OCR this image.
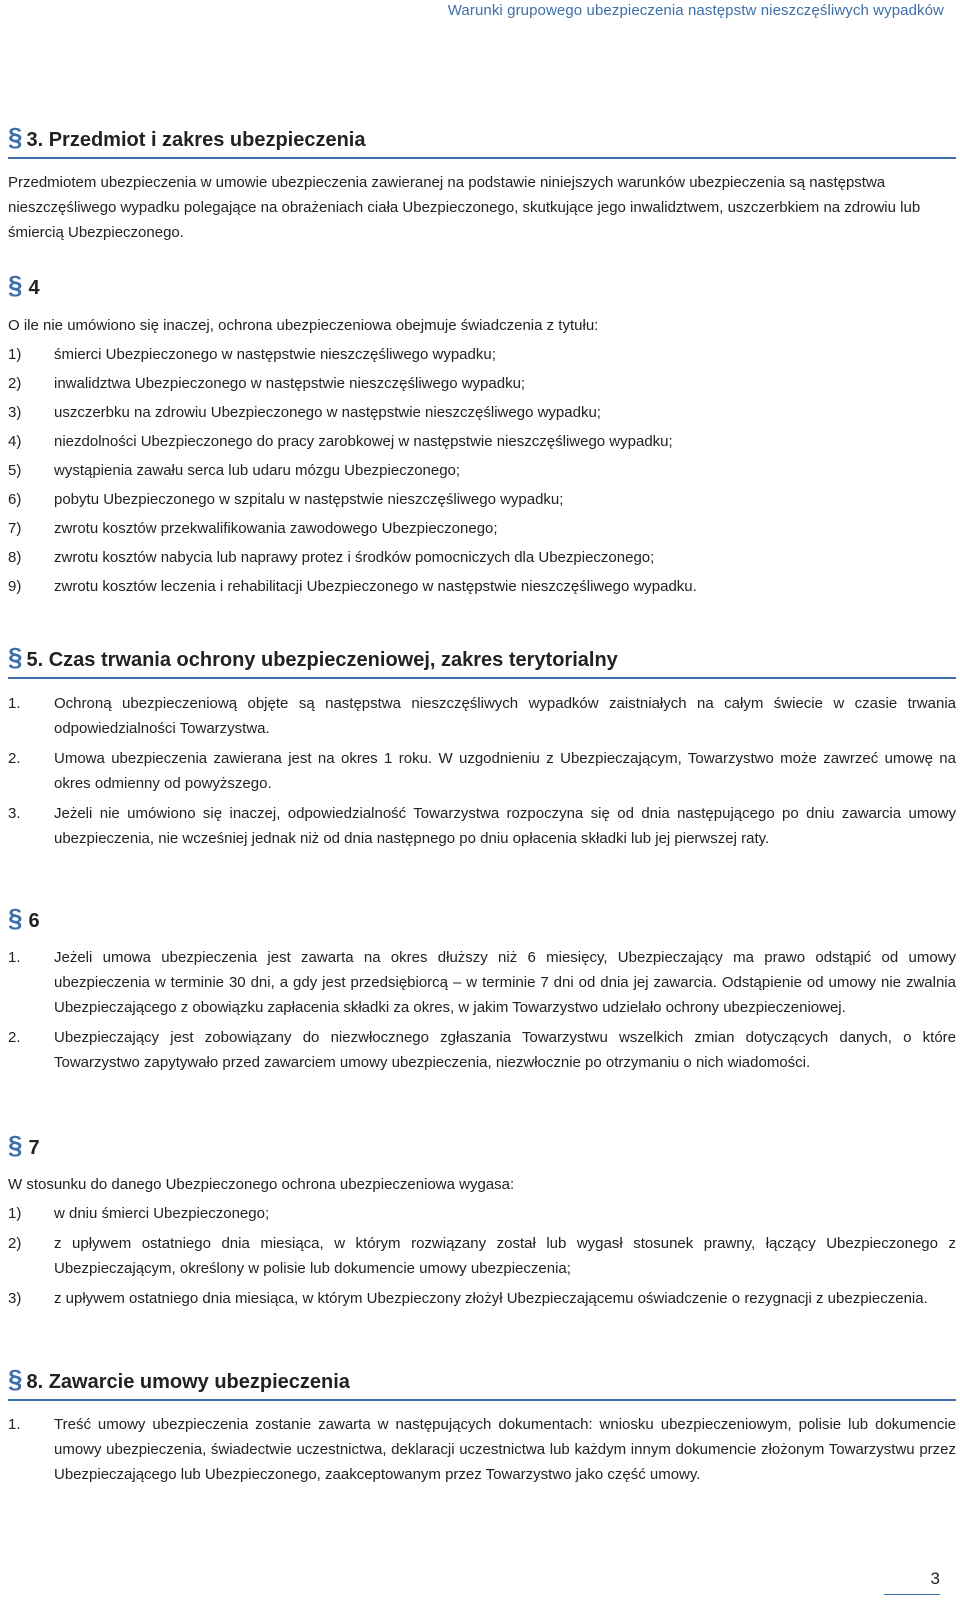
Warunki grupowego ubezpieczenia następstw nieszczęśliwych wypadków
§ 3. Przedmiot i zakres ubezpieczenia
Przedmiotem ubezpieczenia w umowie ubezpieczenia zawieranej na podstawie niniejszych warunków ubezpieczenia są następstwa nieszczęśliwego wypadku polegające na obrażeniach ciała Ubezpieczonego, skutkujące jego inwalidztwem, uszczerbkiem na zdrowiu lub śmiercią Ubezpieczonego.
§ 4
O ile nie umówiono się inaczej, ochrona ubezpieczeniowa obejmuje świadczenia z tytułu:
1) śmierci Ubezpieczonego w następstwie nieszczęśliwego wypadku;
2) inwalidztwa Ubezpieczonego w następstwie nieszczęśliwego wypadku;
3) uszczerbku na zdrowiu Ubezpieczonego w następstwie nieszczęśliwego wypadku;
4) niezdolności Ubezpieczonego do pracy zarobkowej w następstwie nieszczęśliwego wypadku;
5) wystąpienia zawału serca lub udaru mózgu Ubezpieczonego;
6) pobytu Ubezpieczonego w szpitalu w następstwie nieszczęśliwego wypadku;
7) zwrotu kosztów przekwalifikowania zawodowego Ubezpieczonego;
8) zwrotu kosztów nabycia lub naprawy protez i środków pomocniczych dla Ubezpieczonego;
9) zwrotu kosztów leczenia i rehabilitacji Ubezpieczonego w następstwie nieszczęśliwego wypadku.
§ 5. Czas trwania ochrony ubezpieczeniowej, zakres terytorialny
1. Ochroną ubezpieczeniową objęte są następstwa nieszczęśliwych wypadków zaistniałych na całym świecie w czasie trwania odpowiedzialności Towarzystwa.
2. Umowa ubezpieczenia zawierana jest na okres 1 roku. W uzgodnieniu z Ubezpieczającym, Towarzystwo może zawrzeć umowę na okres odmienny od powyższego.
3. Jeżeli nie umówiono się inaczej, odpowiedzialność Towarzystwa rozpoczyna się od dnia następującego po dniu zawarcia umowy ubezpieczenia, nie wcześniej jednak niż od dnia następnego po dniu opłacenia składki lub jej pierwszej raty.
§ 6
1. Jeżeli umowa ubezpieczenia jest zawarta na okres dłuższy niż 6 miesięcy, Ubezpieczający ma prawo odstąpić od umowy ubezpieczenia w terminie 30 dni, a gdy jest przedsiębiorcą – w terminie 7 dni od dnia jej zawarcia. Odstąpienie od umowy nie zwalnia Ubezpieczającego z obowiązku zapłacenia składki za okres, w jakim Towarzystwo udzielało ochrony ubezpieczeniowej.
2. Ubezpieczający jest zobowiązany do niezwłocznego zgłaszania Towarzystwu wszelkich zmian dotyczących danych, o które Towarzystwo zapytywało przed zawarciem umowy ubezpieczenia, niezwłocznie po otrzymaniu o nich wiadomości.
§ 7
W stosunku do danego Ubezpieczonego ochrona ubezpieczeniowa wygasa:
1) w dniu śmierci Ubezpieczonego;
2) z upływem ostatniego dnia miesiąca, w którym rozwiązany został lub wygasł stosunek prawny, łączący Ubezpieczonego z Ubezpieczającym, określony w polisie lub dokumencie umowy ubezpieczenia;
3) z upływem ostatniego dnia miesiąca, w którym Ubezpieczony złożył Ubezpieczającemu oświadczenie o rezygnacji z ubezpieczenia.
§ 8. Zawarcie umowy ubezpieczenia
1. Treść umowy ubezpieczenia zostanie zawarta w następujących dokumentach: wniosku ubezpieczeniowym, polisie lub dokumencie umowy ubezpieczenia, świadectwie uczestnictwa, deklaracji uczestnictwa lub każdym innym dokumencie złożonym Towarzystwu przez Ubezpieczającego lub Ubezpieczonego, zaakceptowanym przez Towarzystwo jako część umowy.
3
